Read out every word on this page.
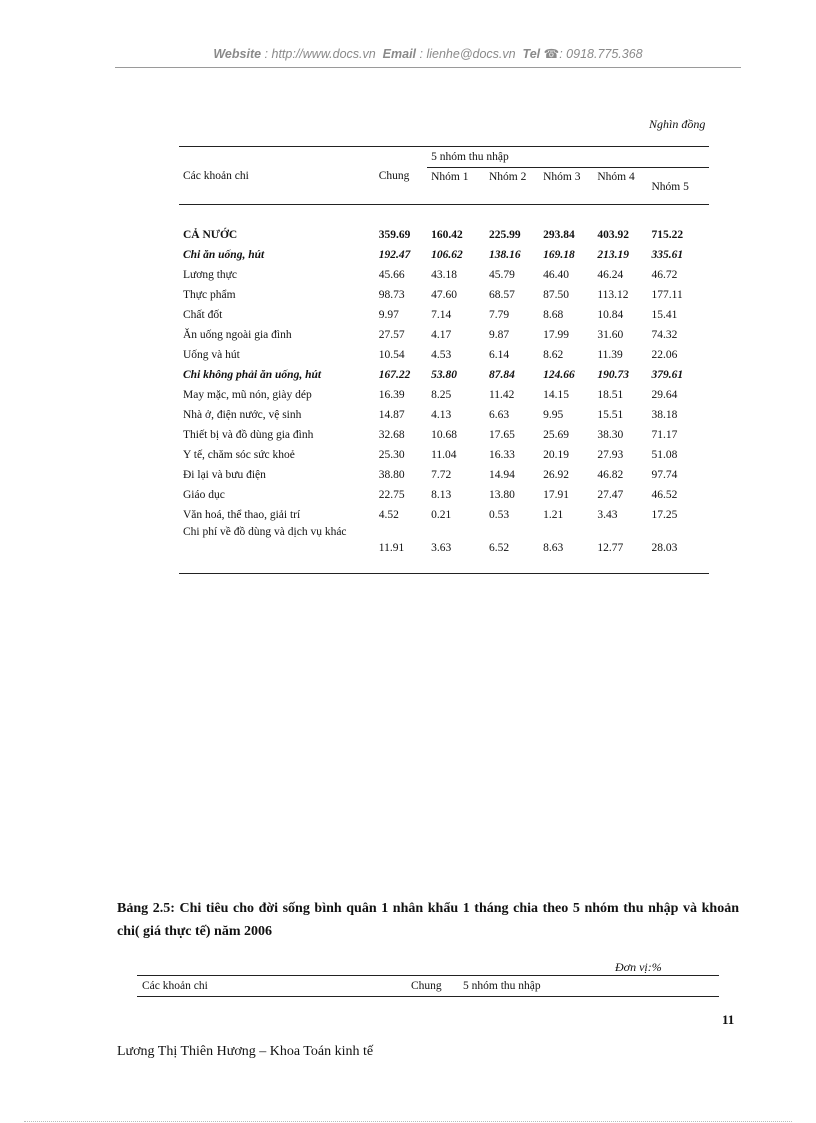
Website : http://www.docs.vn Email : lienhe@docs.vn Tel ☎: 0918.775.368
Nghìn đồng
Các khoản chi	Chung	5 nhóm thu nhập				
		Nhóm 1	Nhóm 2	Nhóm 3	Nhóm 4	Nhóm 5

CẢ NƯỚC	359.69	160.42	225.99	293.84	403.92	715.22
Chi ăn uống, hút	192.47	106.62	138.16	169.18	213.19	335.61
Lương thực	45.66	43.18	45.79	46.40	46.24	46.72
Thực phẩm	98.73	47.60	68.57	87.50	113.12	177.11
Chất đốt	9.97	7.14	7.79	8.68	10.84	15.41
Ăn uống ngoài gia đình	27.57	4.17	9.87	17.99	31.60	74.32
Uống và hút	10.54	4.53	6.14	8.62	11.39	22.06
Chi không phải ăn uống, hút	167.22	53.80	87.84	124.66	190.73	379.61
May mặc, mũ nón, giày dép	16.39	8.25	11.42	14.15	18.51	29.64
Nhà ở, điện nước, vệ sinh	14.87	4.13	6.63	9.95	15.51	38.18
Thiết bị và đồ dùng gia đình	32.68	10.68	17.65	25.69	38.30	71.17
Y tế, chăm sóc sức khoẻ	25.30	11.04	16.33	20.19	27.93	51.08
Đi lại và bưu điện	38.80	7.72	14.94	26.92	46.82	97.74
Giáo dục	22.75	8.13	13.80	17.91	27.47	46.52
Văn hoá, thể thao, giải trí	4.52	0.21	0.53	1.21	3.43	17.25
Chi phí về đồ dùng và dịch vụ khác	11.91	3.63	6.52	8.63	12.77	28.03

Bảng 2.5: Chi tiêu cho đời sống bình quân 1 nhân khẩu 1 tháng chia theo 5 nhóm thu nhập và khoản chi( giá thực tế) năm 2006
Đơn vị:%
Các khoản chi	Chung 5 nhóm thu nhập
11
Lương Thị Thiên Hương – Khoa Toán kinh tế
